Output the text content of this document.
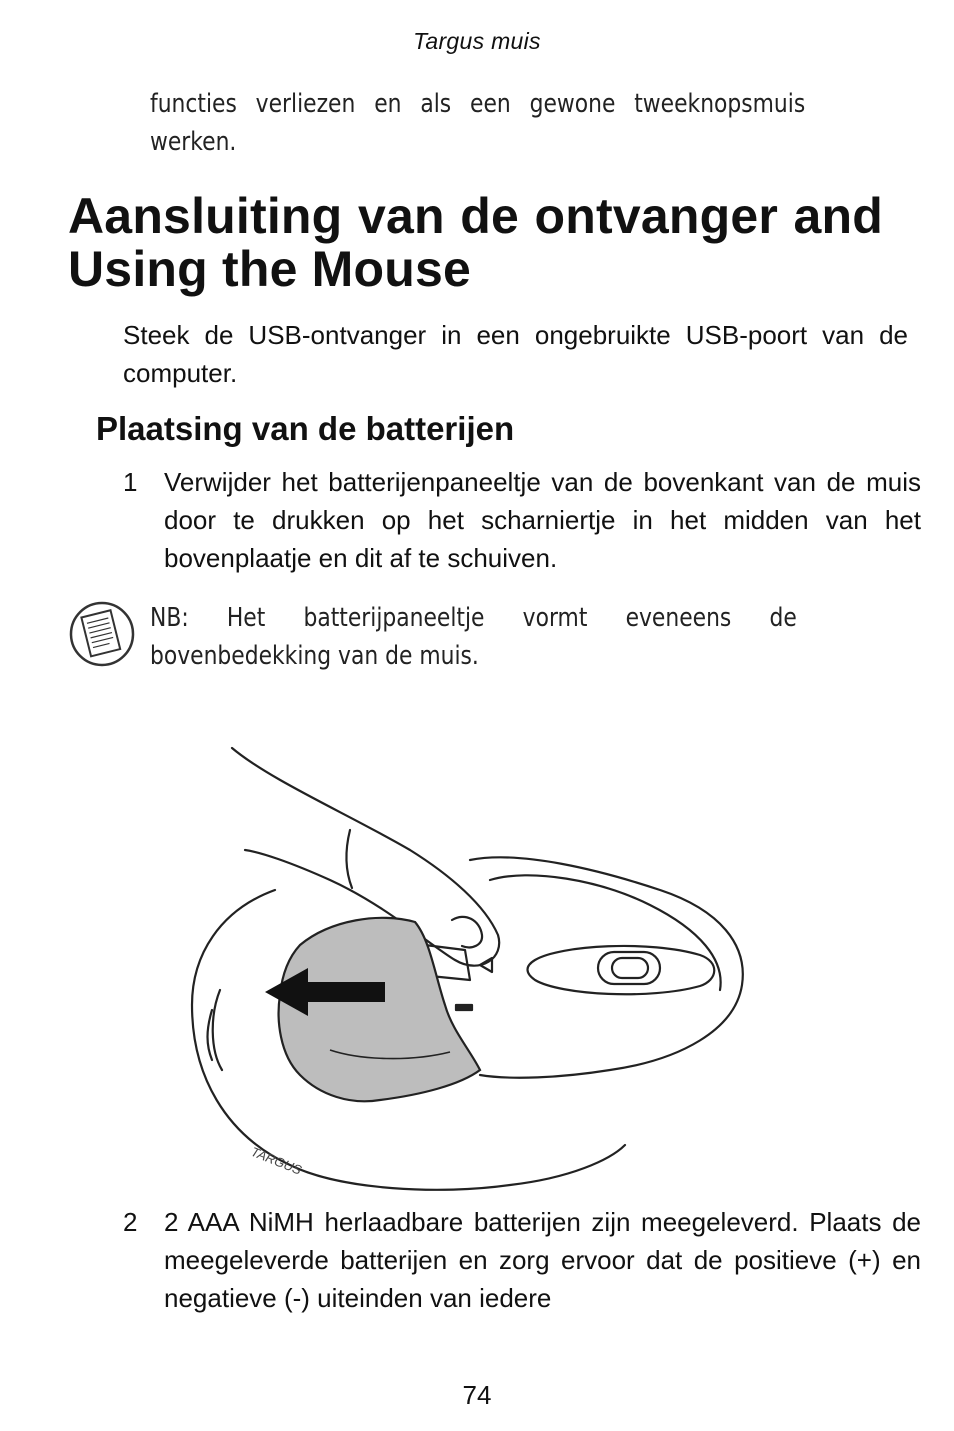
Targus muis
functies verliezen en als een gewone tweeknopsmuis werken.
Aansluiting van de ontvanger and Using the Mouse
Steek de USB-ontvanger in een ongebruikte USB-poort van de computer.
Plaatsing van de batterijen
1 Verwijder het batterijenpaneeltje van de bovenkant van de muis door te drukken op het scharniertje in het midden van het bovenplaatje en dit af te schuiven.
NB: Het batterijpaneeltje vormt eveneens de bovenbedekking van de muis.
TARGUS
2 2 AAA NiMH herlaadbare batterijen zijn meegeleverd. Plaats de meegeleverde batterijen en zorg ervoor dat de positieve (+) en negatieve (-) uiteinden van iedere
74
